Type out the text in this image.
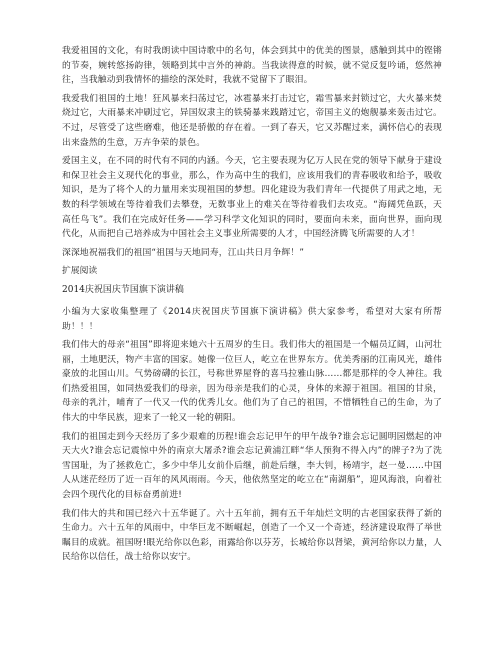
我爱祖国的文化，有时我朗读中国诗歌中的名句，体会到其中的优美的图景，感触到其中的铿锵的节奏，婉转悠扬韵律，领略到其中言外的神韵。当我读得意的时候，就不觉反复吟诵，悠然神往，当我触动到我情怀的描绘的深处时，我就不觉留下了眼泪。

我爱我们祖国的土地！狂风暴来扫荡过它，冰雹暴来打击过它，霜雪暴来封锁过它，大火暴来焚烧过它，大雨暴来冲刷过它，异国奴隶主的铁骑暴来践踏过它，帝国主义的炮舰暴来轰击过它。不过，尽管受了这些磨难，他还是骄傲的存在着。一到了春天，它又苏醒过来，满怀信心的表现出来盎然的生意，万卉争荣的景色。

爱国主义，在不同的时代有不同的内涵。今天，它主要表现为亿万人民在党的领导下献身于建设和保卫社会主义现代化的事业，那么，作为高中生的我们，应该用我们的青春吸收和给予，吸收知识，是为了将个人的力量用来实现祖国的梦想。四化建设为我们青年一代提供了用武之地，无数的科学领域在等待着我们去攀登，无数事业上的难关在等待着我们去攻克。“海阔凭鱼跃，天高任鸟飞”。我们在完成好任务——学习科学文化知识的同时，要面向未来，面向世界，面向现代化，从而把自己培养成为中国社会主义事业所需要的人才，中国经济腾飞所需要的人才！

深深地祝福我们的祖国“祖国与天地同寿，江山共日月争辉！”

扩展阅读

2014庆祝国庆节国旗下演讲稿

小编为大家收集整理了《2014庆祝国庆节国旗下演讲稿》供大家参考，希望对大家有所帮助！！！

我们伟大的母亲“祖国”即将迎来她六十五周岁的生日。我们伟大的祖国是一个幅员辽阔，山河壮丽，土地肥沃，物产丰富的国家。她像一位巨人，屹立在世界东方。优美秀丽的江南风光，雄伟豪放的北国山川。气势磅礴的长江，号称世界屋脊的喜马拉雅山脉……都是那样的令人神往。我们热爱祖国，如同热爱我们的母亲，因为母亲是我们的心灵，身体的来源于祖国。祖国的甘泉，母亲的乳汁，哺育了一代又一代的优秀儿女。他们为了自己的祖国，不惜牺牲自己的生命，为了伟大的中华民族，迎来了一轮又一轮的朝阳。

我们的祖国走到今天经历了多少艰难的历程!谁会忘记甲午的甲午战争?谁会忘记圆明园燃起的冲天大火?谁会忘记震惊中外的南京大屠杀?谁会忘记黄浦江畔“华人预狗不得入内”的牌子?为了洗雪国耻，为了拯救危亡，多少中华儿女前仆后继，前赴后继，李大钊，杨靖宇，赵一曼……中国人从迷茫经历了近一百年的风风雨雨。今天，他依然坚定的屹立在“南湖船”，迎风海浪，向着社会四个现代化的目标奋勇前进!

我们伟大的共和国已经六十五华诞了。六十五年前，拥有五千年灿烂文明的古老国家获得了新的生命力。六十五年的风雨中，中华巨龙不断崛起，创造了一个又一个奇迹，经济建设取得了举世瞩目的成就。祖国呀!眼光给你以色彩，雨露给你以芬芳，长城给你以肾梁，黄河给你以力量，人民给你以信任，战士给你以安宁。
